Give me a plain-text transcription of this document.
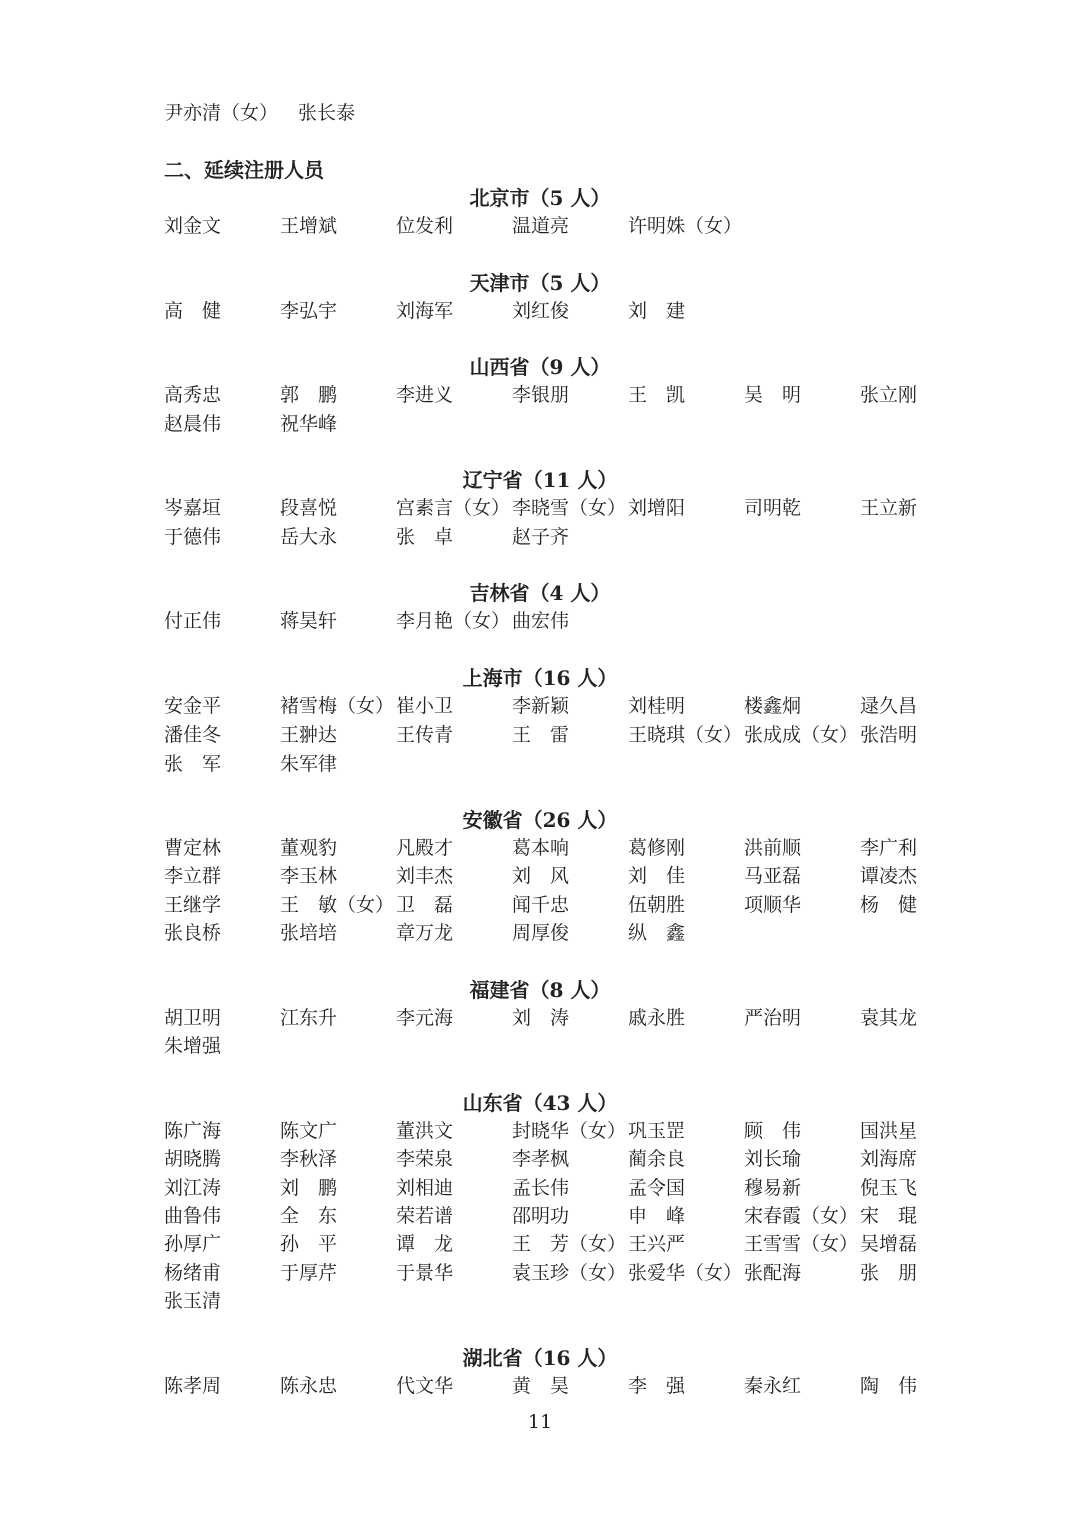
尹亦清（女） 张长泰
二、延续注册人员
北京市（5 人）
刘金文	王增斌	位发利	温道亮	许明姝（女）
天津市（5 人）
高　健	李弘宇	刘海军	刘红俊	刘　建
山西省（9 人）
高秀忠	郭　鹏	李进义	李银朋	王　凯	吴　明	张立刚
赵晨伟	祝华峰
辽宁省（11 人）
岑嘉垣	段喜悦	宫素言（女） 李晓雪（女） 刘增阳	司明乾	王立新
于德伟	岳大永	张　卓	赵子齐
吉林省（4 人）
付正伟	蒋昊轩	李月艳（女） 曲宏伟
上海市（16 人）
安金平	褚雪梅（女） 崔小卫	李新颖	刘桂明	楼鑫炯	逯久昌
潘佳冬	王翀达	王传青	王　雷	王晓琪（女） 张成成（女） 张浩明
张　军	朱军律
安徽省（26 人）
曹定林	董观豹	凡殿才	葛本响	葛修刚	洪前顺	李广利
李立群	李玉林	刘丰杰	刘　风	刘　佳	马亚磊	谭凌杰
王继学	王　敏（女） 卫　磊	闻千忠	伍朝胜	项顺华	杨　健
张良桥	张培培	章万龙	周厚俊	纵　鑫
福建省（8 人）
胡卫明	江东升	李元海	刘　涛	戚永胜	严治明	袁其龙
朱增强
山东省（43 人）
陈广海	陈文广	董洪文	封晓华（女） 巩玉罡	顾　伟	国洪星
胡晓腾	李秋泽	李荣泉	李孝枫	蔺余良	刘长瑜	刘海席
刘江涛	刘　鹏	刘相迪	孟长伟	孟令国	穆易新	倪玉飞
曲鲁伟	全　东	荣若谱	邵明功	申　峰	宋春霞（女） 宋　琨
孙厚广	孙　平	谭　龙	王　芳（女） 王兴严	王雪雪（女） 吴增磊
杨绪甫	于厚芹	于景华	袁玉珍（女） 张爱华（女） 张配海	张　朋
张玉清
湖北省（16 人）
陈孝周	陈永忠	代文华	黄　昊	李　强	秦永红	陶　伟
11
